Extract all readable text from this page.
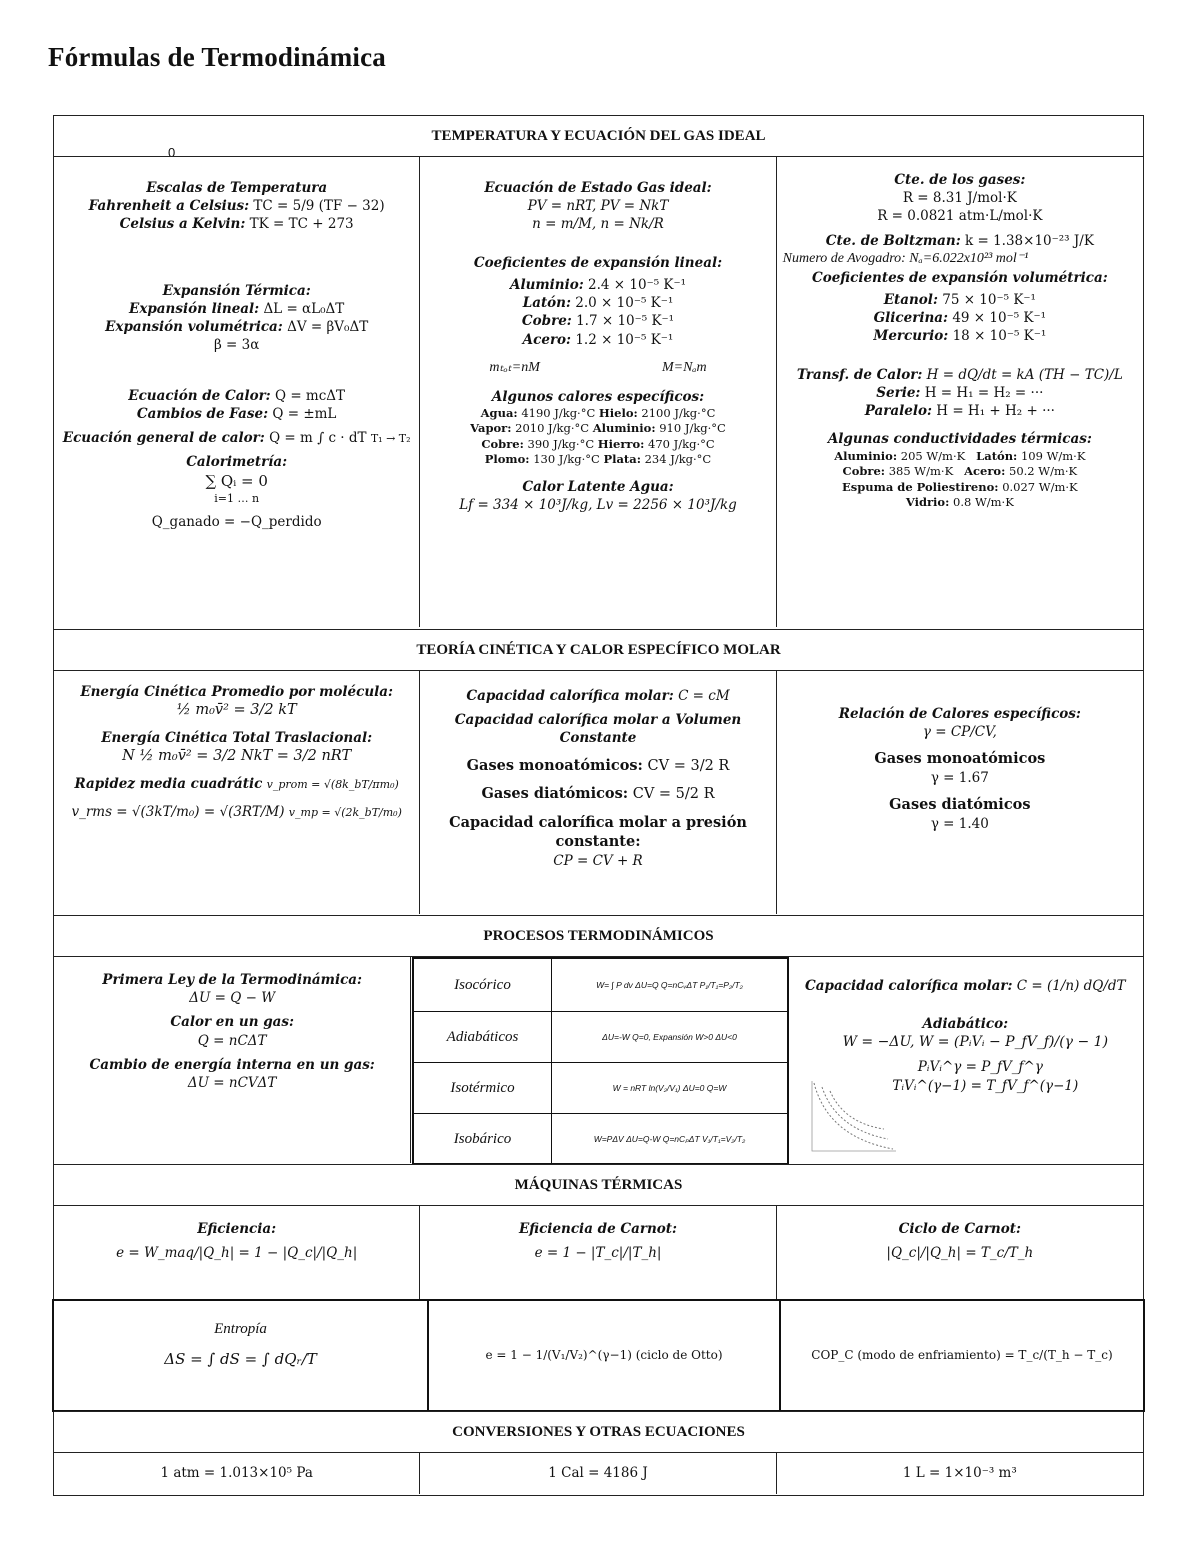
Fórmulas de Termodinámica
0
TEMPERATURA Y ECUACIÓN DEL GAS IDEAL
Escalas de Temperatura
Fahrenheit a Celsius: TC = 5/9 (TF − 32)
Celsius a Kelvin: TK = TC + 273
Expansión Térmica:
Expansión lineal: ΔL = αL₀ΔT
Expansión volumétrica: ΔV = βV₀ΔT
β = 3α
Ecuación de Calor: Q = mcΔT
Cambios de Fase: Q = ±mL
Ecuación general de calor: Q = m ∫ c · dT T₁ → T₂
Calorimetría:
∑ Qᵢ = 0
i=1 … n
Q_ganado = −Q_perdido
Ecuación de Estado Gas ideal:
PV = nRT, PV = NkT
n = m/M, n = Nk/R
Coeficientes de expansión lineal:
Aluminio: 2.4 × 10⁻⁵ K⁻¹
Latón: 2.0 × 10⁻⁵ K⁻¹
Cobre: 1.7 × 10⁻⁵ K⁻¹
Acero: 1.2 × 10⁻⁵ K⁻¹
mₜₒₜ=nM	M=Nₐm
Algunos calores específicos:
Agua: 4190 J/kg·°C Hielo: 2100 J/kg·°C
Vapor: 2010 J/kg·°C Aluminio: 910 J/kg·°C
Cobre: 390 J/kg·°C Hierro: 470 J/kg·°C
Plomo: 130 J/kg·°C Plata: 234 J/kg·°C
Calor Latente Agua:
Lf = 334 × 10³J/kg, Lv = 2256 × 10³J/kg
Cte. de los gases:
R = 8.31 J/mol·K
R = 0.0821 atm·L/mol·K
Cte. de Boltzman: k = 1.38×10⁻²³ J/K
Numero de Avogadro: Nₐ=6.022x10²³ mol⁻¹
Coeficientes de expansión volumétrica:
Etanol: 75 × 10⁻⁵ K⁻¹
Glicerina: 49 × 10⁻⁵ K⁻¹
Mercurio: 18 × 10⁻⁵ K⁻¹
Transf. de Calor: H = dQ/dt = kA (TH − TC)/L
Serie: H = H₁ = H₂ = ···
Paralelo: H = H₁ + H₂ + ···
Algunas conductividades térmicas:
Aluminio: 205 W/m·K Latón: 109 W/m·K
Cobre: 385 W/m·K Acero: 50.2 W/m·K
Espuma de Poliestireno: 0.027 W/m·K
Vidrio: 0.8 W/m·K
TEORÍA CINÉTICA Y CALOR ESPECÍFICO MOLAR
Energía Cinética Promedio por molécula:
½ m₀v̄² = 3/2 kT
Energía Cinética Total Traslacional:
N ½ m₀v̄² = 3/2 NkT = 3/2 nRT
Rapidez media cuadrátic v_prom = √(8k_bT/πm₀)
v_rms = √(3kT/m₀) = √(3RT/M) v_mp = √(2k_bT/m₀)
Capacidad calorífica molar: C = cM
Capacidad calorífica molar a Volumen Constante
Gases monoatómicos: CV = 3/2 R
Gases diatómicos: CV = 5/2 R
Capacidad calorífica molar a presión constante:
CP = CV + R
Relación de Calores específicos:
γ = CP/CV,
Gases monoatómicos
γ = 1.67
Gases diatómicos
γ = 1.40
PROCESOS TERMODINÁMICOS
Primera Ley de la Termodinámica:
ΔU = Q − W
Calor en un gas:
Q = nCΔT
Cambio de energía interna en un gas:
ΔU = nCVΔT
Capacidad calorífica molar: C = (1/n) dQ/dT
Adiabático:
W = −ΔU, W = (PᵢVᵢ − P_fV_f)/(γ − 1)
PᵢVᵢ^γ = P_fV_f^γ
TᵢVᵢ^(γ−1) = T_fV_f^(γ−1)
Isocórico	W= ∫ P dv ΔU=Q Q=nCᵥΔT P₁/T₁=P₂/T₂
Adiabáticos	ΔU=-W Q=0, Expansión W>0 ΔU<0
Isotérmico	W = nRT ln(V₂/V₁) ΔU=0 Q=W
Isobárico	W=PΔV ΔU=Q-W Q=nCₚΔT V₁/T₁=V₂/T₂
MÁQUINAS TÉRMICAS
Eficiencia:
e = W_maq/|Q_h| = 1 − |Q_c|/|Q_h|
Eficiencia de Carnot:
e = 1 − |T_c|/|T_h|
Ciclo de Carnot:
|Q_c|/|Q_h| = T_c/T_h
Entropía
ΔS = ∫ dS = ∫ dQᵣ/T	e = 1 − 1/(V₁/V₂)^(γ−1) (ciclo de Otto)	COP_C (modo de enfriamiento) = T_c/(T_h − T_c)
CONVERSIONES Y OTRAS ECUACIONES
1 atm = 1.013×10⁵ Pa	1 Cal = 4186 J	1 L = 1×10⁻³ m³
